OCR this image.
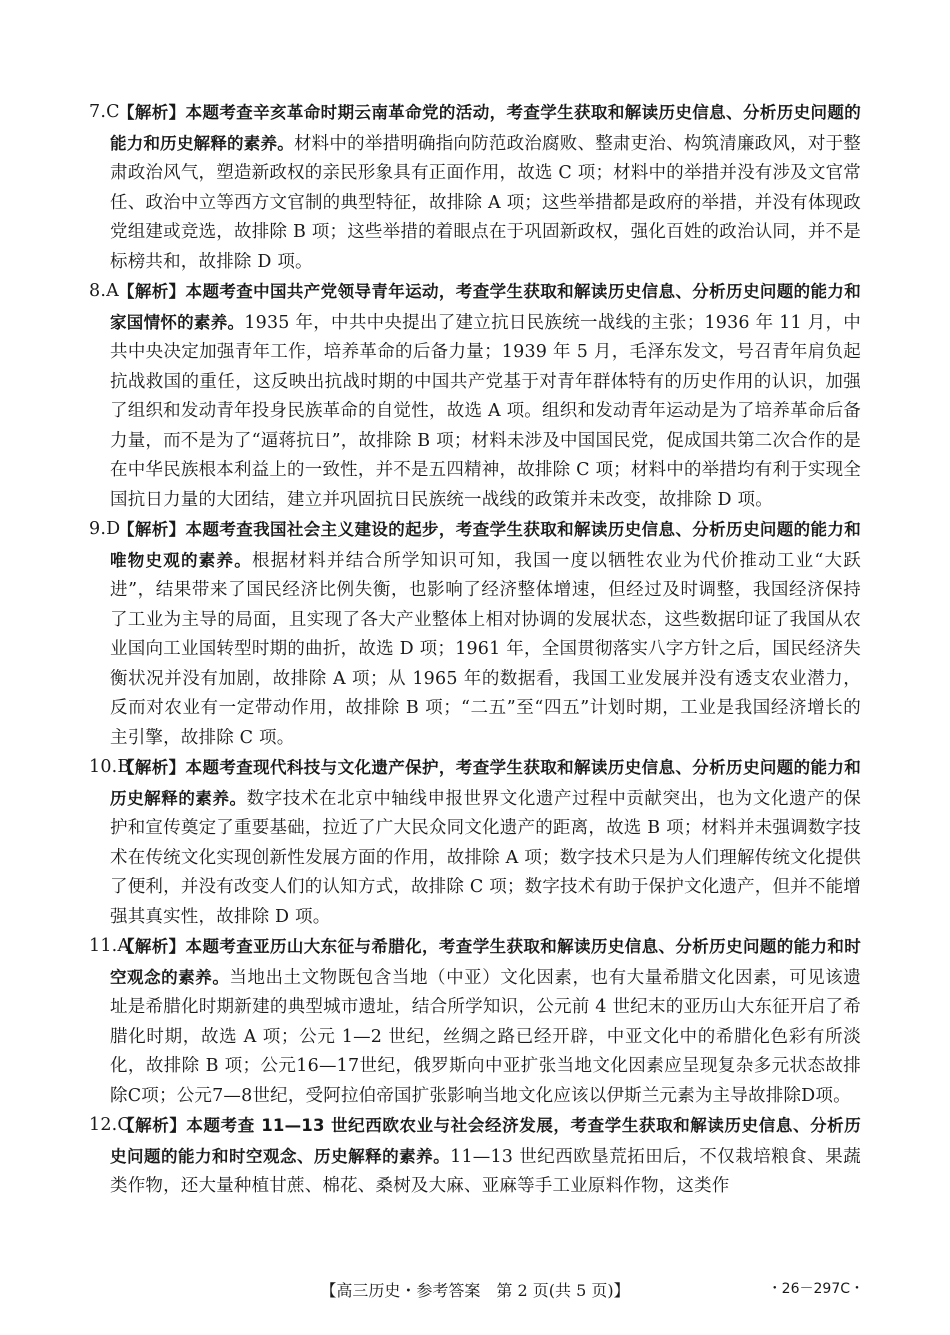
7.C
【解析】本题考查辛亥革命时期云南革命党的活动，考查学生获取和解读历史信息、分析历史问题的能力和历史解释的素养。材料中的举措明确指向防范政治腐败、整肃吏治、构筑清廉政风，对于整肃政治风气，塑造新政权的亲民形象具有正面作用，故选 C 项；材料中的举措并没有涉及文官常任、政治中立等西方文官制的典型特征，故排除 A 项；这些举措都是政府的举措，并没有体现政党组建或竞选，故排除 B 项；这些举措的着眼点在于巩固新政权，强化百姓的政治认同，并不是标榜共和，故排除 D 项。
8.A 【解析】本题考查中国共产党领导青年运动，考查学生获取和解读历史信息、分析历史问题的能力和家国情怀的素养。1935 年，中共中央提出了建立抗日民族统一战线的主张；1936 年 11 月，中共中央决定加强青年工作，培养革命的后备力量；1939 年 5 月，毛泽东发文，号召青年肩负起抗战救国的重任，这反映出抗战时期的中国共产党基于对青年群体特有的历史作用的认识，加强了组织和发动青年投身民族革命的自觉性，故选 A 项。组织和发动青年运动是为了培养革命后备力量，而不是为了“逼蒋抗日”，故排除 B 项；材料未涉及中国国民党，促成国共第二次合作的是在中华民族根本利益上的一致性，并不是五四精神，故排除 C 项；材料中的举措均有利于实现全国抗日力量的大团结，建立并巩固抗日民族统一战线的政策并未改变，故排除 D 项。
9.D
【解析】本题考查我国社会主义建设的起步，考查学生获取和解读历史信息、分析历史问题的能力和唯物史观的素养。根据材料并结合所学知识可知，我国一度以牺牲农业为代价推动工业“大跃进”，结果带来了国民经济比例失衡，也影响了经济整体增速，但经过及时调整，我国经济保持了工业为主导的局面，且实现了各大产业整体上相对协调的发展状态，这些数据印证了我国从农业国向工业国转型时期的曲折，故选 D 项；1961 年，全国贯彻落实八字方针之后，国民经济失衡状况并没有加剧，故排除 A 项；从 1965 年的数据看，我国工业发展并没有透支农业潜力，反而对农业有一定带动作用，故排除 B 项；“二五”至“四五”计划时期，工业是我国经济增长的主引擎，故排除 C 项。
10.B
【解析】本题考查现代科技与文化遗产保护，考查学生获取和解读历史信息、分析历史问题的能力和历史解释的素养。数字技术在北京中轴线申报世界文化遗产过程中贡献突出，也为文化遗产的保护和宣传奠定了重要基础，拉近了广大民众同文化遗产的距离，故选 B 项；材料并未强调数字技术在传统文化实现创新性发展方面的作用，故排除 A 项；数字技术只是为人们理解传统文化提供了便利，并没有改变人们的认知方式，故排除 C 项；数字技术有助于保护文化遗产，但并不能增强其真实性，故排除 D 项。
11.A
【解析】本题考查亚历山大东征与希腊化，考查学生获取和解读历史信息、分析历史问题的能力和时空观念的素养。当地出土文物既包含当地（中亚）文化因素，也有大量希腊文化因素，可见该遗址是希腊化时期新建的典型城市遗址，结合所学知识，公元前 4 世纪末的亚历山大东征开启了希腊化时期，故选 A 项；公元 1—2 世纪，丝绸之路已经开辟，中亚文化中的希腊化色彩有所淡化，故排除 B 项；公元16—17世纪，俄罗斯向中亚扩张当地文化因素应呈现复杂多元状态故排除C项；公元7—8世纪，受阿拉伯帝国扩张影响当地文化应该以伊斯兰元素为主导故排除D项。
12.C
【解析】本题考查 11—13 世纪西欧农业与社会经济发展，考查学生获取和解读历史信息、分析历史问题的能力和时空观念、历史解释的素养。11—13 世纪西欧垦荒拓田后，不仅栽培粮食、果蔬类作物，还大量种植甘蔗、棉花、桑树及大麻、亚麻等手工业原料作物，这类作
【高三历史・参考答案　第 2 页(共 5 页)】	・26－297C・
